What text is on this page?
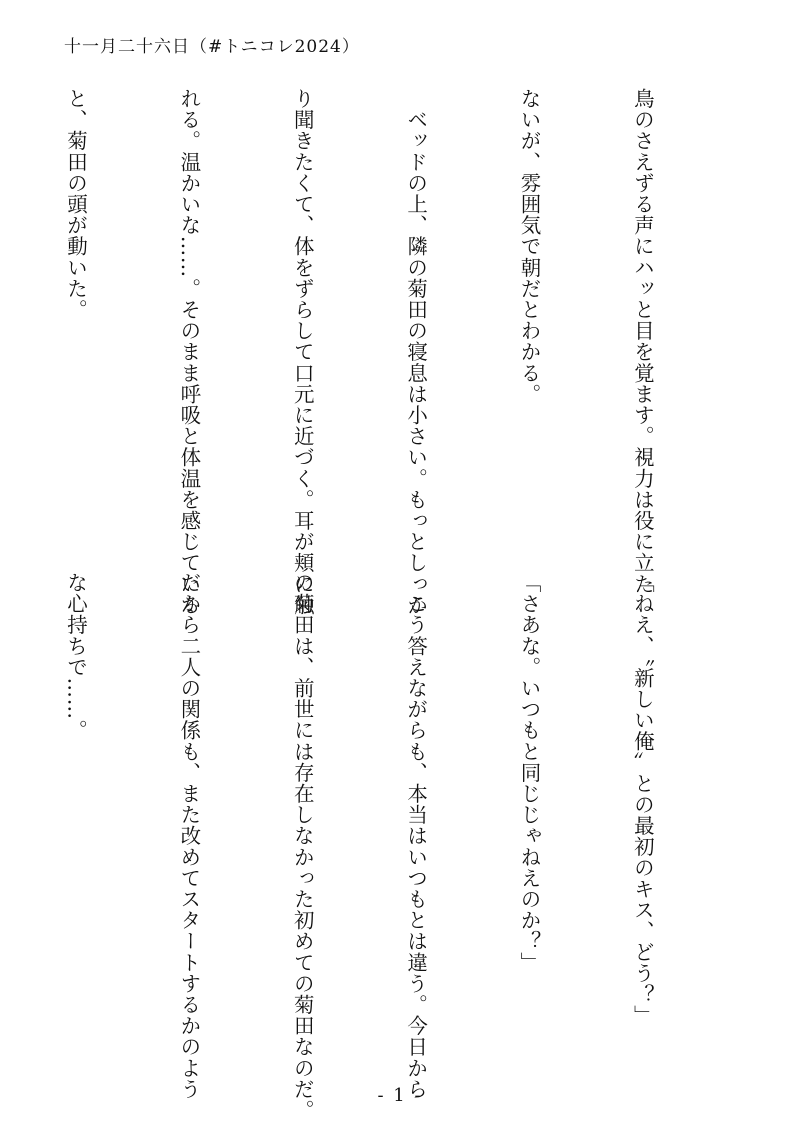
十一月二十六日（#トニコレ2024）

鳥のさえずる声にハッと目を覚ます。視力は役に立た

ないが、雰囲気で朝だとわかる。

　ベッドの上、隣の菊田の寝息は小さい。もっとしっか

り聞きたくて、体をずらして口元に近づく。耳が頬に触

れる。温かいな……。そのまま呼吸と体温を感じている

と、菊田の頭が動いた。

「ねえ、〝新しい俺〟との最初のキス、どう？」

「さあな。いつもと同じじゃねえのか？」

　こう答えながらも、本当はいつもとは違う。今日から

の菊田は、前世には存在しなかった初めての菊田なのだ。

だから二人の関係も、また改めてスタートするかのよう

な心持ちで……。

- 1 -
